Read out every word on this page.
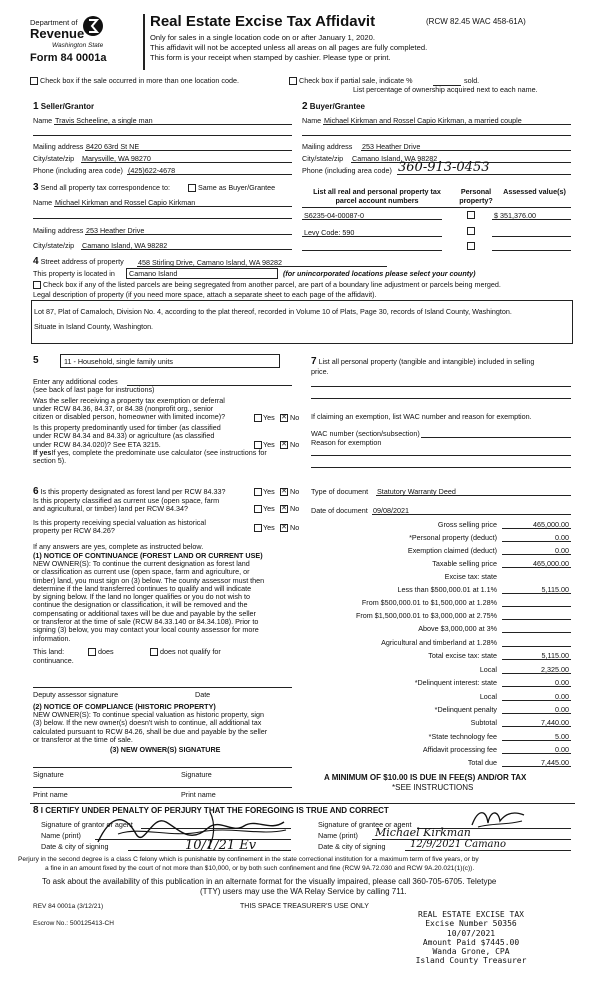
Department of
Revenue
Washington State
Form 84 0001a
Real Estate Excise Tax Affidavit	(RCW 82.45 WAC 458-61A)
Only for sales in a single location code on or after January 1, 2020.
This affidavit will not be accepted unless all areas on all pages are fully completed.
This form is your receipt when stamped by cashier. Please type or print.
Check box if the sale occurred in more than one location code.	Check box if partial sale, indicate %	sold.
List percentage of ownership acquired next to each name.
1 Seller/Grantor
Name Travis Scheeline, a single man
Mailing address 8420 63rd St NE
City/state/zip Marysville, WA 98270
Phone (including area code) (425)622-4678
2 Buyer/Grantee
Name Michael Kirkman and Rossel Capio Kirkman, a married couple
Mailing address 253 Heather Drive
City/state/zip Camano Island, WA 98282
Phone (including area code) 360-913-0453
3 Send all property tax correspondence to:	Same as Buyer/Grantee
Name Michael Kirkman and Rossel Capio Kirkman
Mailing address 253 Heather Drive
City/state/zip Camano Island, WA 98282
List all real and personal property tax parcel account numbers
Personal property?
Assessed value(s)
S6235-04-00087-0	$ 351,376.00
Levy Code: 590
4 Street address of property 458 Stirling Drive, Camano Island, WA 98282
This property is located in	Camano Island	(for unincorporated locations please select your county)
Check box if any of the listed parcels are being segregated from another parcel, are part of a boundary line adjustment or parcels being merged.
Legal description of property (if you need more space, attach a separate sheet to each page of the affidavit).
Lot 87, Plat of Camaloch, Division No. 4, according to the plat thereof, recorded in Volume 10 of Plats, Page 30, records of Island County, Washington.
Situate in Island County, Washington.
5	11 - Household, single family units
Enter any additional codes
(see back of last page for instructions)
Was the seller receiving a property tax exemption or deferral
under RCW 84.36, 84.37, or 84.38 (nonprofit org., senior
citizen or disabled person, homeowner with limited income)?	Yes ✕ No
Is this property predominantly used for timber (as classified
under RCW 84.34 and 84.33) or agriculture (as classified
under RCW 84.34.020)? See ETA 3215.	Yes ✕ No
If yesIf yes, complete the predominate use calculator (see instructions for
section 5).
7 List all personal property (tangible and intangible) included in selling
price.
If claiming an exemption, list WAC number and reason for exemption.
WAC number (section/subsection)
Reason for exemption
6 Is this property designated as forest land per RCW 84.33?	Yes ✕ No
Is this property classified as current use (open space, farm
and agricultural, or timber) land per RCW 84.34?	Yes ✕ No
Is this property receiving special valuation as historical
property per RCW 84.26?	Yes ✕ No
If any answers are yes, complete as instructed below.
(1) NOTICE OF CONTINUANCE (FOREST LAND OR CURRENT USE)
NEW OWNER(S): To continue the current designation as forest land
or classification as current use (open space, farm and agriculture, or
timber) land, you must sign on (3) below. The county assessor must then
determine if the land transferred continues to qualify and will indicate
by signing below. If the land no longer qualifies or you do not wish to
continue the designation or classification, it will be removed and the
compensating or additional taxes will be due and payable by the seller
or transferor at the time of sale (RCW 84.33.140 or 84.34.108). Prior to
signing (3) below, you may contact your local county assessor for more
information.
This land:	does	does not qualify for
continuance.
Deputy assessor signature	Date
(2) NOTICE OF COMPLIANCE (HISTORIC PROPERTY)
NEW OWNER(S): To continue special valuation as historic property, sign
(3) below. If the new owner(s) doesn't wish to continue, all additional tax
calculated pursuant to RCW 84.26, shall be due and payable by the seller
or transferor at the time of sale.
(3) NEW OWNER(S) SIGNATURE
Signature	Signature
Print name	Print name
Type of document Statutory Warranty Deed
Date of document 09/08/2021
Gross selling price	465,000.00
*Personal property (deduct)	0.00
Exemption claimed (deduct)	0.00
Taxable selling price	465,000.00
Excise tax: state
Less than $500,000.01 at 1.1%	5,115.00
From $500,000.01 to $1,500,000 at 1.28%
From $1,500,000.01 to $3,000,000 at 2.75%
Above $3,000,000 at 3%
Agricultural and timberland at 1.28%
Total excise tax: state	5,115.00
Local	2,325.00
*Delinquent interest: state	0.00
Local	0.00
*Delinquent penalty	0.00
Subtotal	7,440.00
*State technology fee	5.00
Affidavit processing fee	0.00
Total due	7,445.00
A MINIMUM OF $10.00 IS DUE IN FEE(S) AND/OR TAX
*SEE INSTRUCTIONS
8 I CERTIFY UNDER PENALTY OF PERJURY THAT THE FOREGOING IS TRUE AND CORRECT
Signature of grantor or agent
Name (print)
Date & city of signing	10/1/21 Ev
Signature of grantee or agent
Name (print) Michael Kirkman
Date & city of signing 12/9/2021 Camano
Perjury in the second degree is a class C felony which is punishable by confinement in the state correctional institution for a maximum term of five years, or by
a fine in an amount fixed by the court of not more than $10,000, or by both such confinement and fine (RCW 9A.72.030 and RCW 9A.20.021(1)(c)).
To ask about the availability of this publication in an alternate format for the visually impaired, please call 360-705-6705. Teletype
(TTY) users may use the WA Relay Service by calling 711.
REV 84 0001a (3/12/21)	THIS SPACE TREASURER'S USE ONLY
Escrow No.: 500125413-CH
REAL ESTATE EXCISE TAX
Excise Number 50356
10/07/2021
Amount Paid $7445.00
Wanda Grone, CPA
Island County Treasurer
